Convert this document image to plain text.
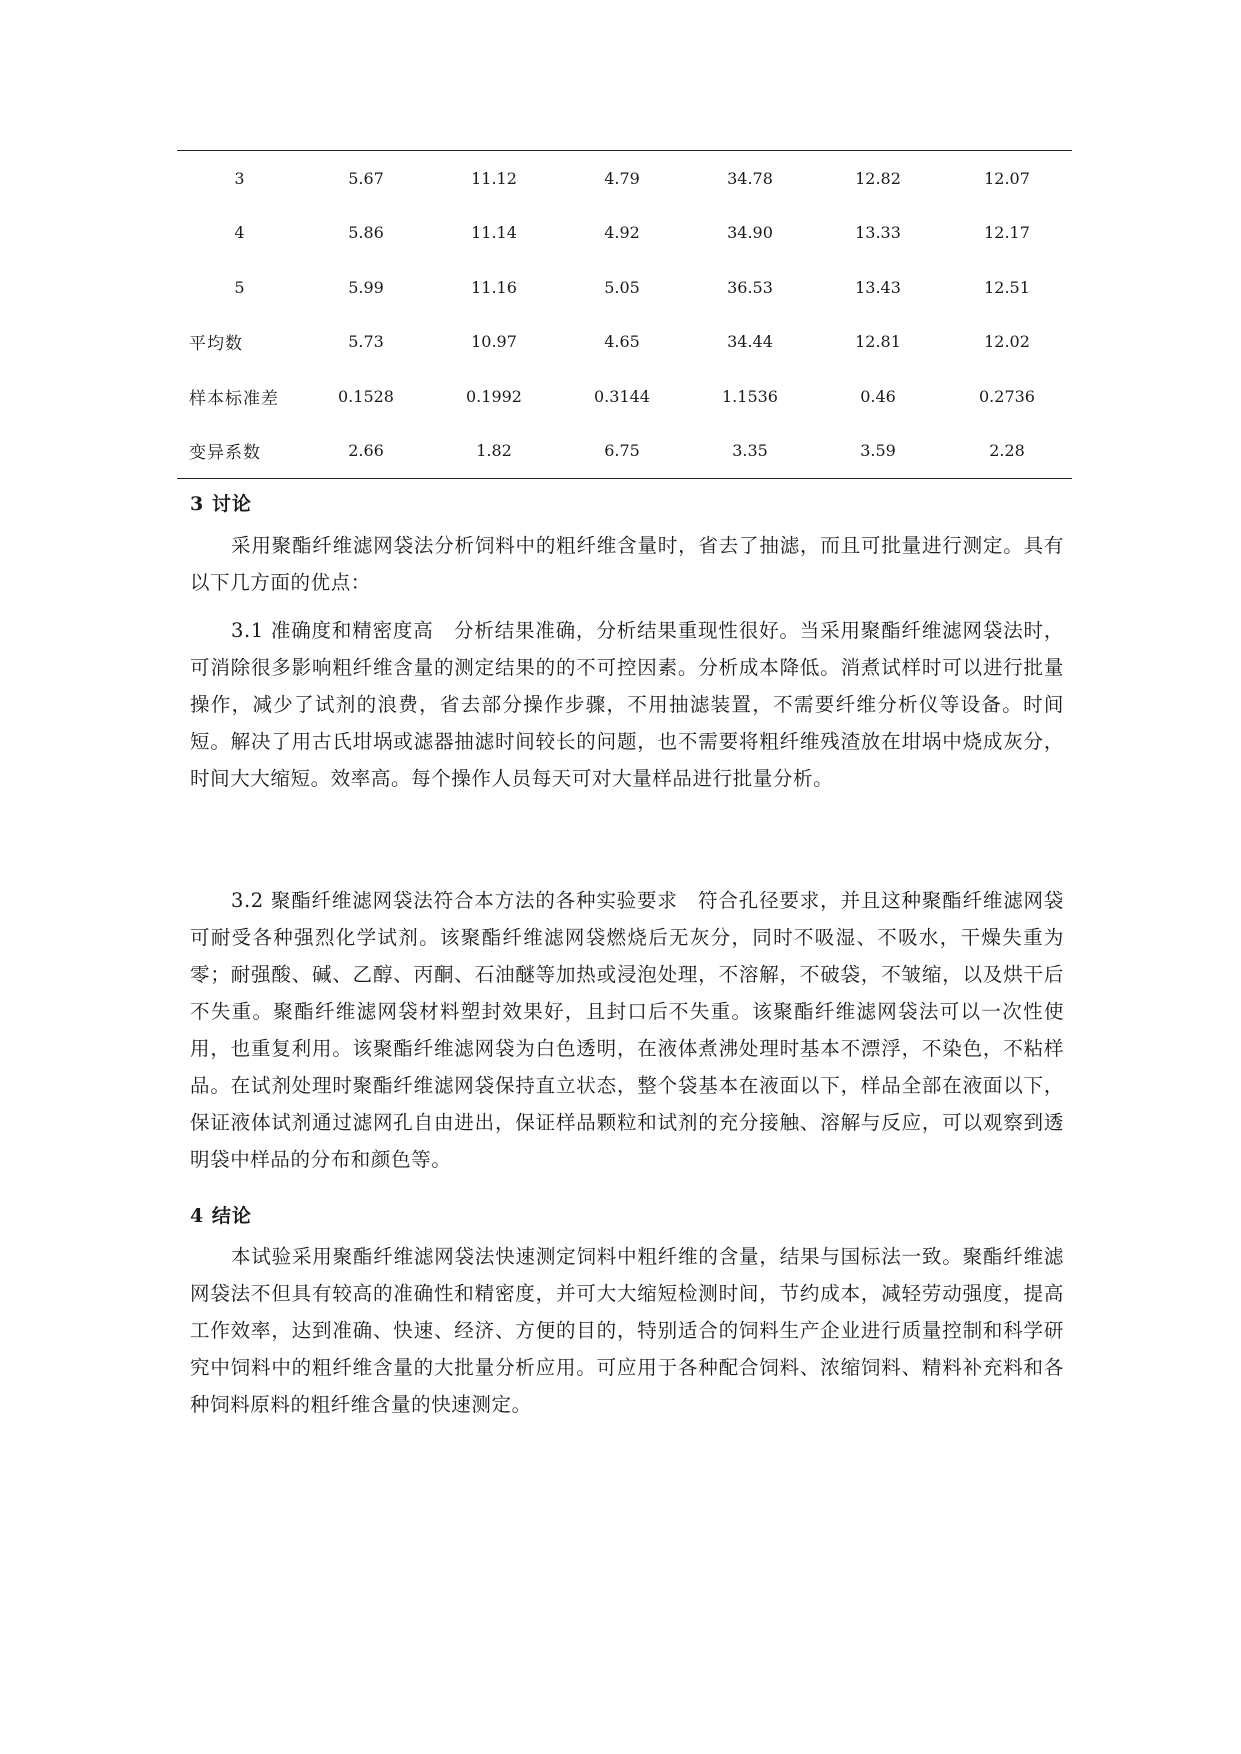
3	5.67	11.12	4.79	34.78	12.82	12.07
4	5.86	11.14	4.92	34.90	13.33	12.17
5	5.99	11.16	5.05	36.53	13.43	12.51
平均数	5.73	10.97	4.65	34.44	12.81	12.02
样本标准差	0.1528	0.1992	0.3144	1.1536	0.46	0.2736
变异系数	2.66	1.82	6.75	3.35	3.59	2.28
3 讨论

采用聚酯纤维滤网袋法分析饲料中的粗纤维含量时，省去了抽滤，而且可批量进行测定。具有以下几方面的优点：

3.1 准确度和精密度高　分析结果准确，分析结果重现性很好。当采用聚酯纤维滤网袋法时，可消除很多影响粗纤维含量的测定结果的的不可控因素。分析成本降低。消煮试样时可以进行批量操作，减少了试剂的浪费，省去部分操作步骤，不用抽滤装置，不需要纤维分析仪等设备。时间短。解决了用古氏坩埚或滤器抽滤时间较长的问题，也不需要将粗纤维残渣放在坩埚中烧成灰分，时间大大缩短。效率高。每个操作人员每天可对大量样品进行批量分析。

3.2 聚酯纤维滤网袋法符合本方法的各种实验要求　符合孔径要求，并且这种聚酯纤维滤网袋可耐受各种强烈化学试剂。该聚酯纤维滤网袋燃烧后无灰分，同时不吸湿、不吸水，干燥失重为零；耐强酸、碱、乙醇、丙酮、石油醚等加热或浸泡处理，不溶解，不破袋，不皱缩，以及烘干后不失重。聚酯纤维滤网袋材料塑封效果好，且封口后不失重。该聚酯纤维滤网袋法可以一次性使用，也重复利用。该聚酯纤维滤网袋为白色透明，在液体煮沸处理时基本不漂浮，不染色，不粘样品。在试剂处理时聚酯纤维滤网袋保持直立状态，整个袋基本在液面以下，样品全部在液面以下，保证液体试剂通过滤网孔自由进出，保证样品颗粒和试剂的充分接触、溶解与反应，可以观察到透明袋中样品的分布和颜色等。

4 结论

本试验采用聚酯纤维滤网袋法快速测定饲料中粗纤维的含量，结果与国标法一致。聚酯纤维滤网袋法不但具有较高的准确性和精密度，并可大大缩短检测时间，节约成本，减轻劳动强度，提高工作效率，达到准确、快速、经济、方便的目的，特别适合的饲料生产企业进行质量控制和科学研究中饲料中的粗纤维含量的大批量分析应用。可应用于各种配合饲料、浓缩饲料、精料补充料和各种饲料原料的粗纤维含量的快速测定。
